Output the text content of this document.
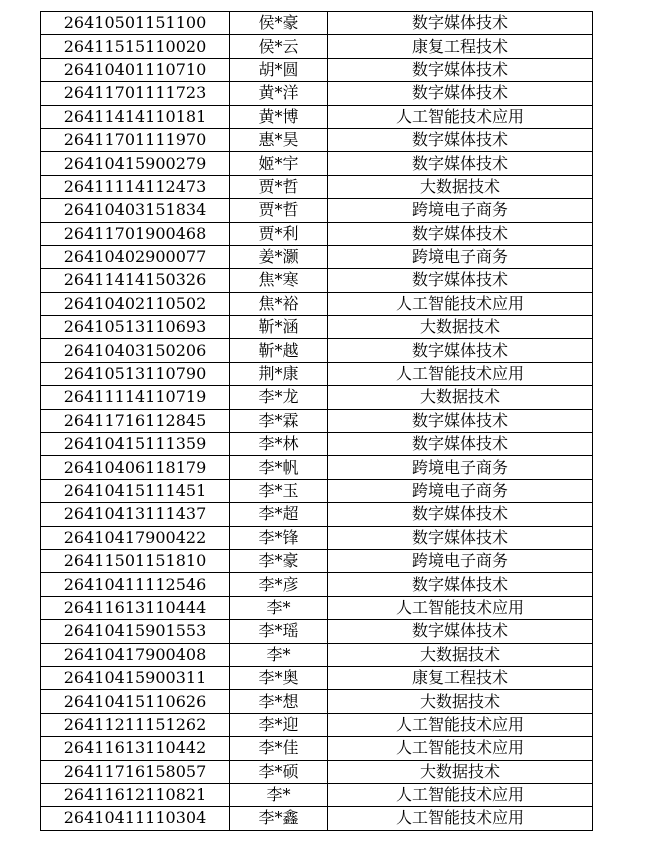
26410501151100	侯*豪	数字媒体技术
26411515110020	侯*云	康复工程技术
26410401110710	胡*圆	数字媒体技术
26411701111723	黄*洋	数字媒体技术
26411414110181	黄*博	人工智能技术应用
26411701111970	惠*昊	数字媒体技术
26410415900279	姬*宇	数字媒体技术
26411114112473	贾*哲	大数据技术
26410403151834	贾*哲	跨境电子商务
26411701900468	贾*利	数字媒体技术
26410402900077	姜*灏	跨境电子商务
26411414150326	焦*寒	数字媒体技术
26410402110502	焦*裕	人工智能技术应用
26410513110693	靳*涵	大数据技术
26410403150206	靳*越	数字媒体技术
26410513110790	荆*康	人工智能技术应用
26411114110719	李*龙	大数据技术
26411716112845	李*霖	数字媒体技术
26410415111359	李*林	数字媒体技术
26410406118179	李*帆	跨境电子商务
26410415111451	李*玉	跨境电子商务
26410413111437	李*超	数字媒体技术
26410417900422	李*锋	数字媒体技术
26411501151810	李*豪	跨境电子商务
26410411112546	李*彦	数字媒体技术
26411613110444	李*	人工智能技术应用
26410415901553	李*瑶	数字媒体技术
26410417900408	李*	大数据技术
26410415900311	李*奥	康复工程技术
26410415110626	李*想	大数据技术
26411211151262	李*迎	人工智能技术应用
26411613110442	李*佳	人工智能技术应用
26411716158057	李*硕	大数据技术
26411612110821	李*	人工智能技术应用
26410411110304	李*鑫	人工智能技术应用
